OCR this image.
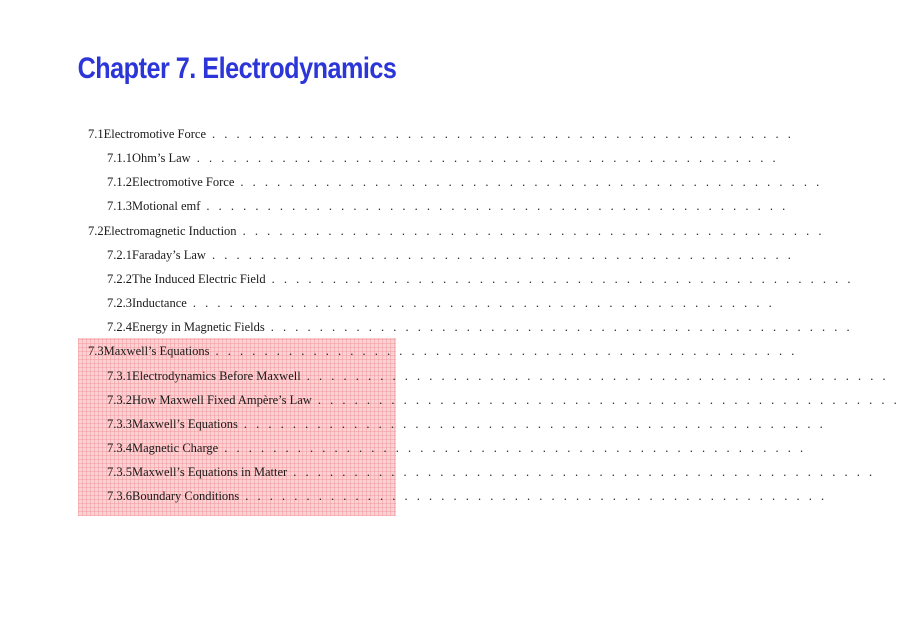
Chapter 7. Electrodynamics
7.1 Electromotive Force . . . . . . . . . . . . . . . . . . . . . . . . . . . . . . . . . . . . . . . . . . . . . . . .
7.1.1 Ohm’s Law . . . . . . . . . . . . . . . . . . . . . . . . . . . . . . . . . . . . . . . . . . . . . . . .
7.1.2 Electromotive Force . . . . . . . . . . . . . . . . . . . . . . . . . . . . . . . . . . . . . . . . . . . . . . . .
7.1.3 Motional emf . . . . . . . . . . . . . . . . . . . . . . . . . . . . . . . . . . . . . . . . . . . . . . . .
7.2 Electromagnetic Induction . . . . . . . . . . . . . . . . . . . . . . . . . . . . . . . . . . . . . . . . . . . . . . . .
7.2.1 Faraday’s Law . . . . . . . . . . . . . . . . . . . . . . . . . . . . . . . . . . . . . . . . . . . . . . . .
7.2.2 The Induced Electric Field . . . . . . . . . . . . . . . . . . . . . . . . . . . . . . . . . . . . . . . . . . . . . . . .
7.2.3 Inductance . . . . . . . . . . . . . . . . . . . . . . . . . . . . . . . . . . . . . . . . . . . . . . . .
7.2.4 Energy in Magnetic Fields . . . . . . . . . . . . . . . . . . . . . . . . . . . . . . . . . . . . . . . . . . . . . . . .
7.3 Maxwell’s Equations . . . . . . . . . . . . . . . . . . . . . . . . . . . . . . . . . . . . . . . . . . . . . . . .
7.3.1 Electrodynamics Before Maxwell . . . . . . . . . . . . . . . . . . . . . . . . . . . . . . . . . . . . . . . . . . . . . . . .
7.3.2 How Maxwell Fixed Ampère’s Law . . . . . . . . . . . . . . . . . . . . . . . . . . . . . . . . . . . . . . . . . . . . . . . .
7.3.3 Maxwell’s Equations . . . . . . . . . . . . . . . . . . . . . . . . . . . . . . . . . . . . . . . . . . . . . . . .
7.3.4 Magnetic Charge . . . . . . . . . . . . . . . . . . . . . . . . . . . . . . . . . . . . . . . . . . . . . . . .
7.3.5 Maxwell’s Equations in Matter . . . . . . . . . . . . . . . . . . . . . . . . . . . . . . . . . . . . . . . . . . . . . . . .
7.3.6 Boundary Conditions . . . . . . . . . . . . . . . . . . . . . . . . . . . . . . . . . . . . . . . . . . . . . . . .
